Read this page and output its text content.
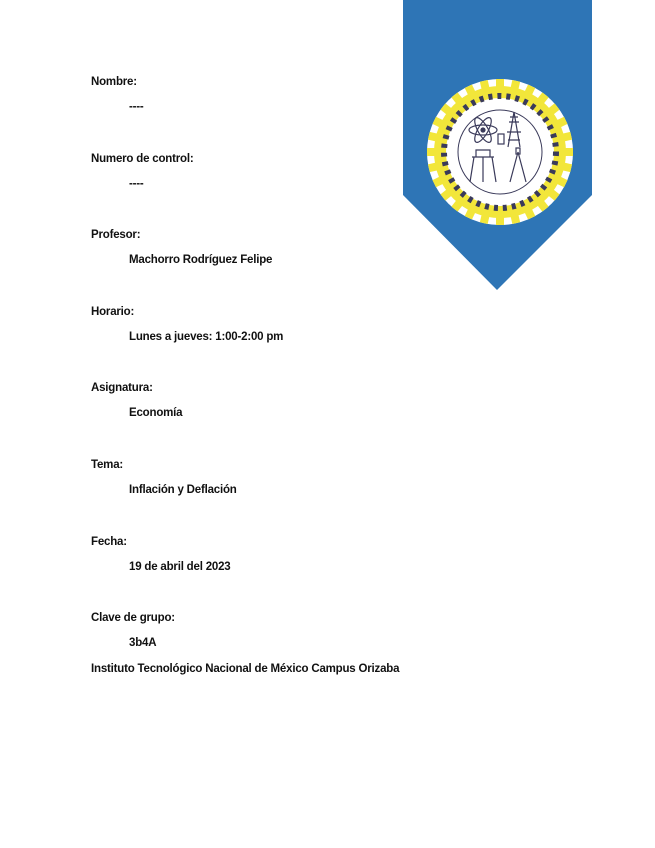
Nombre:
----
Numero de control:
----
Profesor:
Machorro Rodríguez Felipe
Horario:
Lunes a jueves: 1:00-2:00 pm
Asignatura:
Economía
Tema:
Inflación y Deflación
Fecha:
19 de abril del 2023
Clave de grupo:
3b4A
Instituto Tecnológico Nacional de México Campus Orizaba
